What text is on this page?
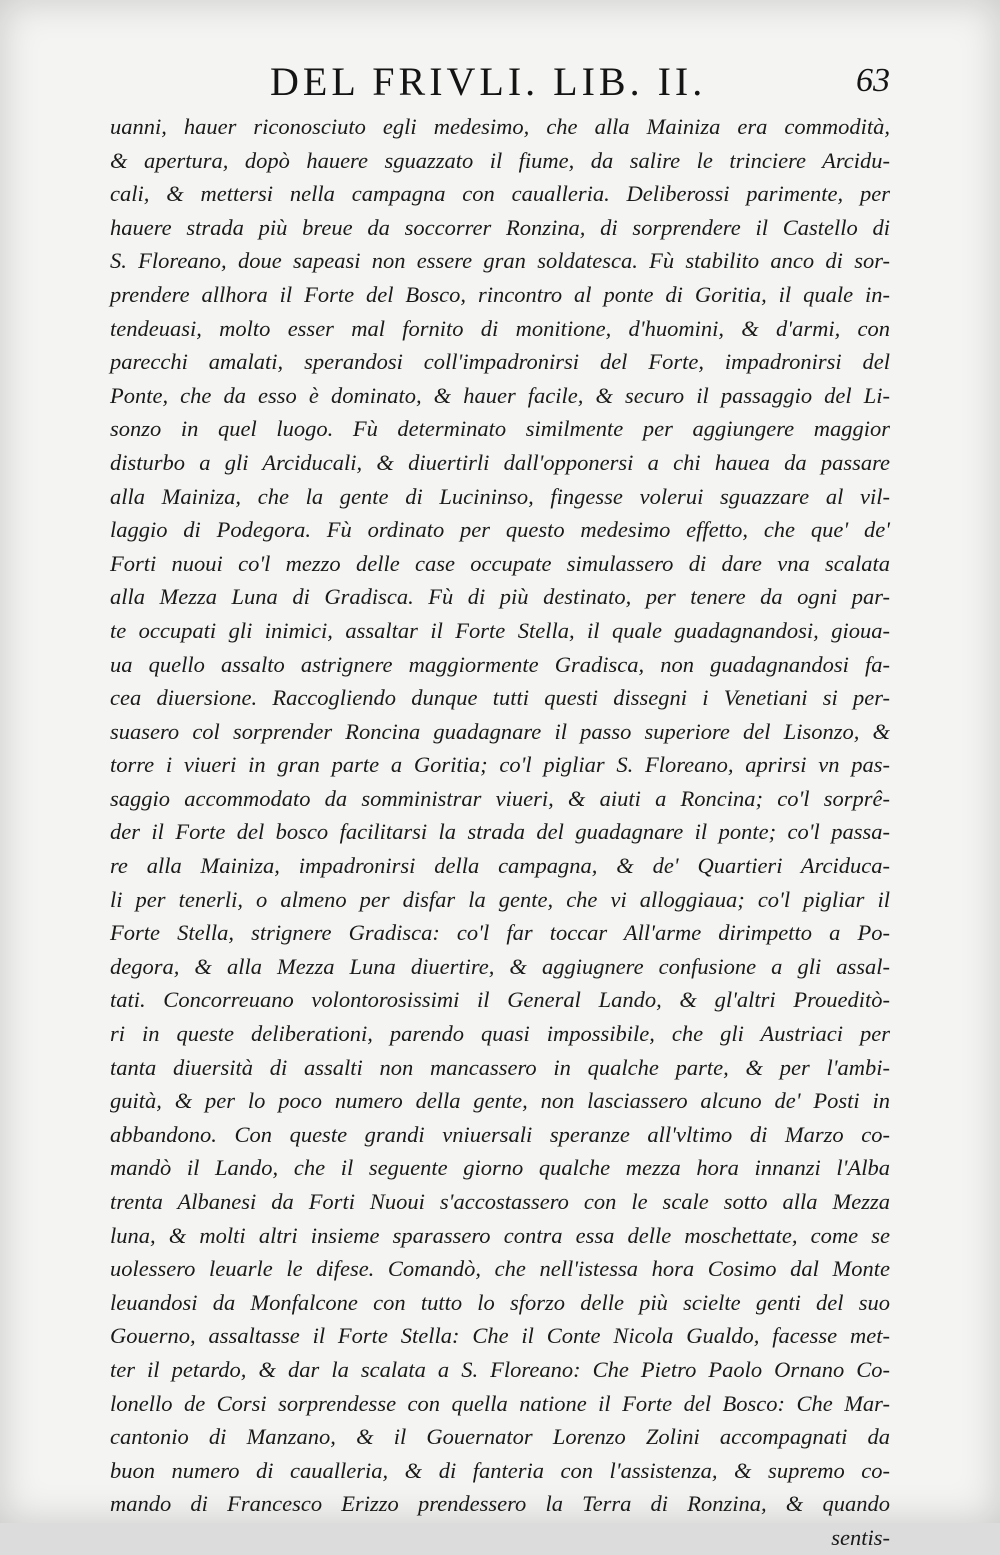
DEL FRIVLI. LIB. II.	63
uanni, hauer riconosciuto egli medesimo, che alla Mainiza era commodità,
& apertura, dopò hauere sguazzato il fiume, da salire le trinciere Arcidu-
cali, & mettersi nella campagna con caualleria. Deliberossi parimente, per
hauere strada più breue da soccorrer Ronzina, di sorprendere il Castello di
S. Floreano, doue sapeasi non essere gran soldatesca. Fù stabilito anco di sor-
prendere allhora il Forte del Bosco, rincontro al ponte di Goritia, il quale in-
tendeuasi, molto esser mal fornito di monitione, d'huomini, & d'armi, con
parecchi amalati, sperandosi coll'impadronirsi del Forte, impadronirsi del
Ponte, che da esso è dominato, & hauer facile, & securo il passaggio del Li-
sonzo in quel luogo. Fù determinato similmente per aggiungere maggior
disturbo a gli Arciducali, & diuertirli dall'opponersi a chi hauea da passare
alla Mainiza, che la gente di Lucininso, fingesse volerui sguazzare al vil-
laggio di Podegora. Fù ordinato per questo medesimo effetto, che que' de'
Forti nuoui co'l mezzo delle case occupate simulassero di dare vna scalata
alla Mezza Luna di Gradisca. Fù di più destinato, per tenere da ogni par-
te occupati gli inimici, assaltar il Forte Stella, il quale guadagnandosi, gioua-
ua quello assalto astrignere maggiormente Gradisca, non guadagnandosi fa-
cea diuersione. Raccogliendo dunque tutti questi dissegni i Venetiani si per-
suasero col sorprender Roncina guadagnare il passo superiore del Lisonzo, &
torre i viueri in gran parte a Goritia; co'l pigliar S. Floreano, aprirsi vn pas-
saggio accommodato da somministrar viueri, & aiuti a Roncina; co'l sorprê-
der il Forte del bosco facilitarsi la strada del guadagnare il ponte; co'l passa-
re alla Mainiza, impadronirsi della campagna, & de' Quartieri Arciduca-
li per tenerli, o almeno per disfar la gente, che vi alloggiaua; co'l pigliar il
Forte Stella, strignere Gradisca: co'l far toccar All'arme dirimpetto a Po-
degora, & alla Mezza Luna diuertire, & aggiugnere confusione a gli assal-
tati. Concorreuano volontorosissimi il General Lando, & gl'altri Proueditò-
ri in queste deliberationi, parendo quasi impossibile, che gli Austriaci per
tanta diuersità di assalti non mancassero in qualche parte, & per l'ambi-
guità, & per lo poco numero della gente, non lasciassero alcuno de' Posti in
abbandono. Con queste grandi vniuersali speranze all'vltimo di Marzo co-
mandò il Lando, che il seguente giorno qualche mezza hora innanzi l'Alba
trenta Albanesi da Forti Nuoui s'accostassero con le scale sotto alla Mezza
luna, & molti altri insieme sparassero contra essa delle moschettate, come se
uolessero leuarle le difese. Comandò, che nell'istessa hora Cosimo dal Monte
leuandosi da Monfalcone con tutto lo sforzo delle più scielte genti del suo
Gouerno, assaltasse il Forte Stella: Che il Conte Nicola Gualdo, facesse met-
ter il petardo, & dar la scalata a S. Floreano: Che Pietro Paolo Ornano Co-
lonello de Corsi sorprendesse con quella natione il Forte del Bosco: Che Mar-
cantonio di Manzano, & il Gouernator Lorenzo Zolini accompagnati da
buon numero di caualleria, & di fanteria con l'assistenza, & supremo co-
mando di Francesco Erizzo prendessero la Terra di Ronzina, & quando
sentis-
